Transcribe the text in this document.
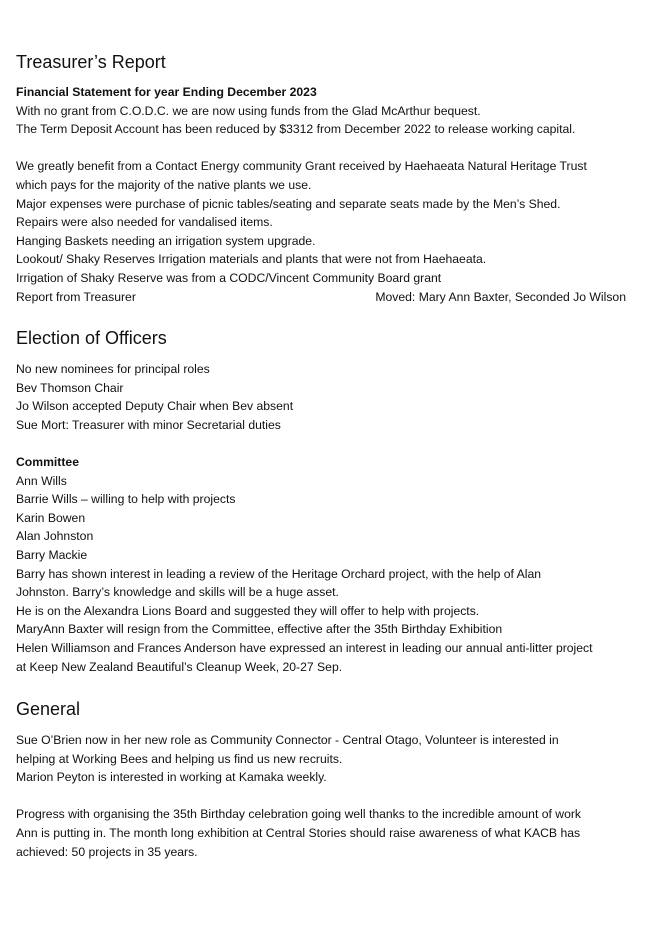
Treasurer’s Report
Financial Statement for year Ending December 2023
With no grant from C.O.D.C. we are now using funds from the Glad McArthur bequest.
The Term Deposit Account has been reduced by $3312 from December 2022 to release working capital.
We greatly benefit from a Contact Energy community Grant received by Haehaeata Natural Heritage Trust
which pays for the majority of the native plants we use.
Major expenses were purchase of picnic tables/seating and separate seats made by the Men’s Shed.
Repairs were also needed for vandalised items.
Hanging Baskets needing an irrigation system upgrade.
Lookout/ Shaky Reserves Irrigation materials and plants that were not from Haehaeata.
Irrigation of Shaky Reserve was from a CODC/Vincent Community Board grant
Report from Treasurer	Moved: Mary Ann Baxter, Seconded Jo Wilson
Election of Officers
No new nominees for principal roles
Bev Thomson Chair
Jo Wilson accepted Deputy Chair when Bev absent
Sue Mort: Treasurer with minor Secretarial duties
Committee
Ann Wills
Barrie Wills – willing to help with projects
Karin Bowen
Alan Johnston
Barry Mackie
Barry has shown interest in leading a review of the Heritage Orchard project, with the help of Alan
Johnston. Barry’s knowledge and skills will be a huge asset.
He is on the Alexandra Lions Board and suggested they will offer to help with projects.
MaryAnn Baxter will resign from the Committee, effective after the 35th Birthday Exhibition
Helen Williamson and Frances Anderson have expressed an interest in leading our annual anti-litter project
at Keep New Zealand Beautiful’s Cleanup Week, 20-27 Sep.
General
Sue O’Brien now in her new role as Community Connector - Central Otago, Volunteer is interested in
helping at Working Bees and helping us find us new recruits.
Marion Peyton is interested in working at Kamaka weekly.
Progress with organising the 35th Birthday celebration going well thanks to the incredible amount of work
Ann is putting in. The month long exhibition at Central Stories should raise awareness of what KACB has
achieved: 50 projects in 35 years.
